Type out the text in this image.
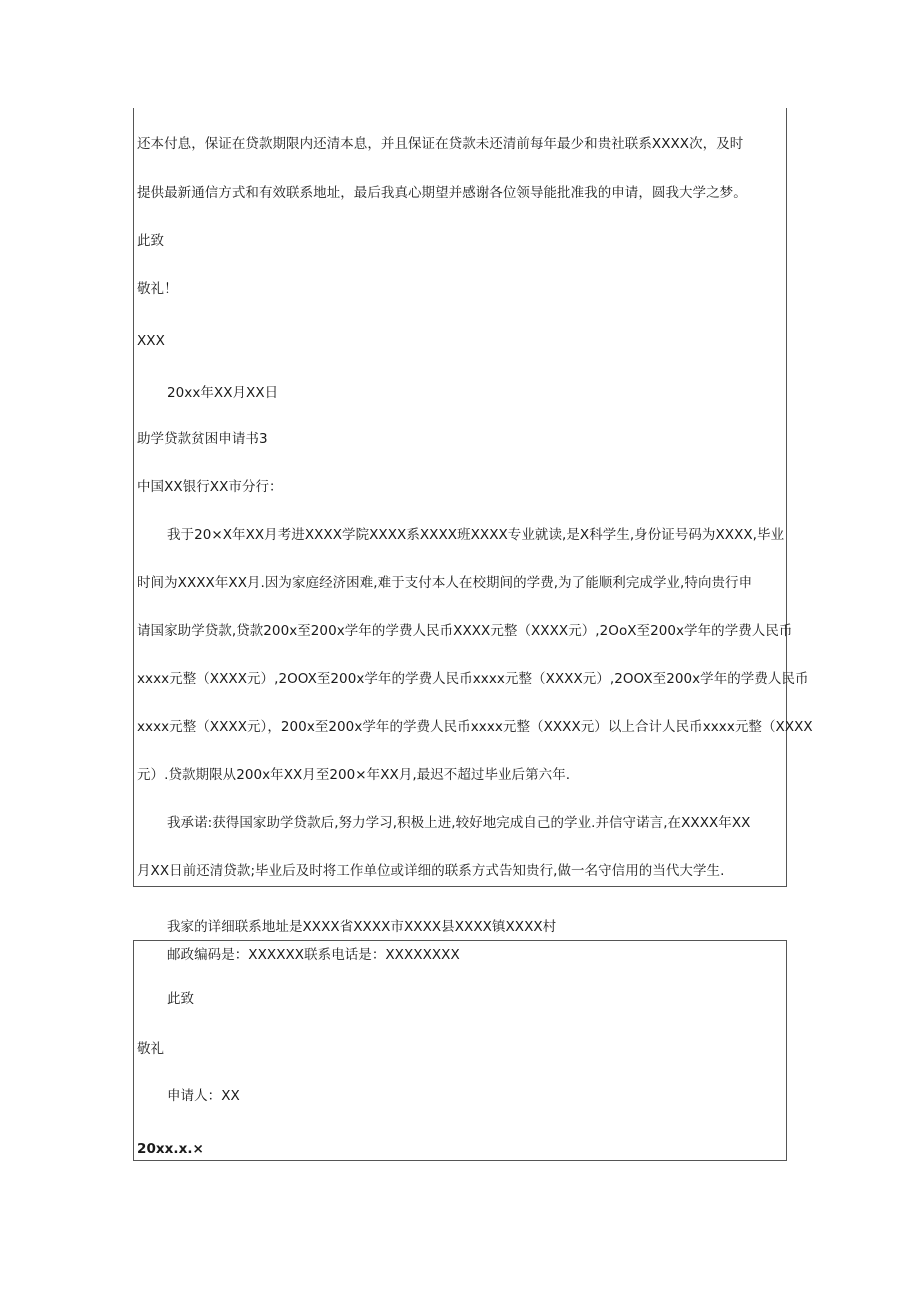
还本付息，保证在贷款期限内还清本息，并且保证在贷款未还清前每年最少和贵社联系XXXX次，及时
提供最新通信方式和有效联系地址，最后我真心期望并感谢各位领导能批准我的申请，圆我大学之梦。
此致
敬礼！
XXX
20xx年XX月XX日
助学贷款贫困申请书3
中国XX银行XX市分行：
我于20×X年XX月考进XXXX学院XXXX系XXXX班XXXX专业就读,是X科学生,身份证号码为XXXX,毕业
时间为XXXX年XX月.因为家庭经济困难,难于支付本人在校期间的学费,为了能顺利完成学业,特向贵行申
请国家助学贷款,贷款200x至200x学年的学费人民币XXXX元整（XXXX元）,2OoX至200x学年的学费人民币
xxxx元整（XXXX元）,2OOX至200x学年的学费人民币xxxx元整（XXXX元）,2OOX至200x学年的学费人民币
xxxx元整（XXXX元），200x至200x学年的学费人民币xxxx元整（XXXX元）以上合计人民币xxxx元整（XXXX
元）.贷款期限从200x年XX月至200×年XX月,最迟不超过毕业后第六年.
我承诺:获得国家助学贷款后,努力学习,积极上进,较好地完成自己的学业.并信守诺言,在XXXX年XX
月XX日前还清贷款;毕业后及时将工作单位或详细的联系方式告知贵行,做一名守信用的当代大学生.
我家的详细联系地址是XXXX省XXXX市XXXX县XXXX镇XXXX村
邮政编码是：XXXXXX联系电话是：XXXXXXXX
此致
敬礼
申请人：XX
20xx.x.×
